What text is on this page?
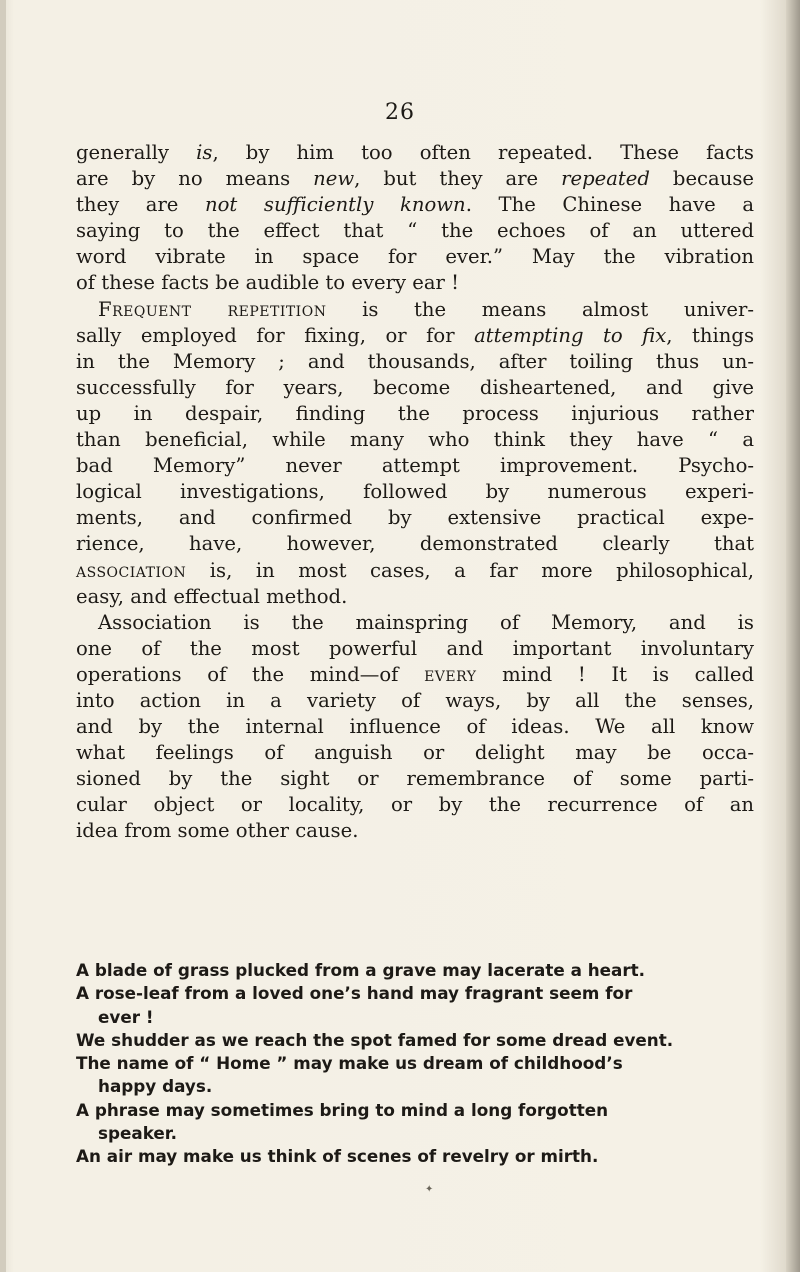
26
generally is, by him too often repeated. These facts
are by no means new, but they are repeated because
they are not sufficiently known. The Chinese have a
saying to the effect that “ the echoes of an uttered
word vibrate in space for ever.” May the vibration
of these facts be audible to every ear !
Frequent repetition is the means almost univer-
sally employed for fixing, or for attempting to fix, things
in the Memory ; and thousands, after toiling thus un-
successfully for years, become disheartened, and give
up in despair, finding the process injurious rather
than beneficial, while many who think they have “ a
bad Memory” never attempt improvement. Psycho-
logical investigations, followed by numerous experi-
ments, and confirmed by extensive practical expe-
rience, have, however, demonstrated clearly that
association is, in most cases, a far more philosophical,
easy, and effectual method.
Association is the mainspring of Memory, and is
one of the most powerful and important involuntary
operations of the mind—of every mind ! It is called
into action in a variety of ways, by all the senses,
and by the internal influence of ideas. We all know
what feelings of anguish or delight may be occa-
sioned by the sight or remembrance of some parti-
cular object or locality, or by the recurrence of an
idea from some other cause.
A blade of grass plucked from a grave may lacerate a heart.
A rose-leaf from a loved one’s hand may fragrant seem for
ever !
We shudder as we reach the spot famed for some dread event.
The name of “ Home ” may make us dream of childhood’s
happy days.
A phrase may sometimes bring to mind a long forgotten
speaker.
An air may make us think of scenes of revelry or mirth.
✦
